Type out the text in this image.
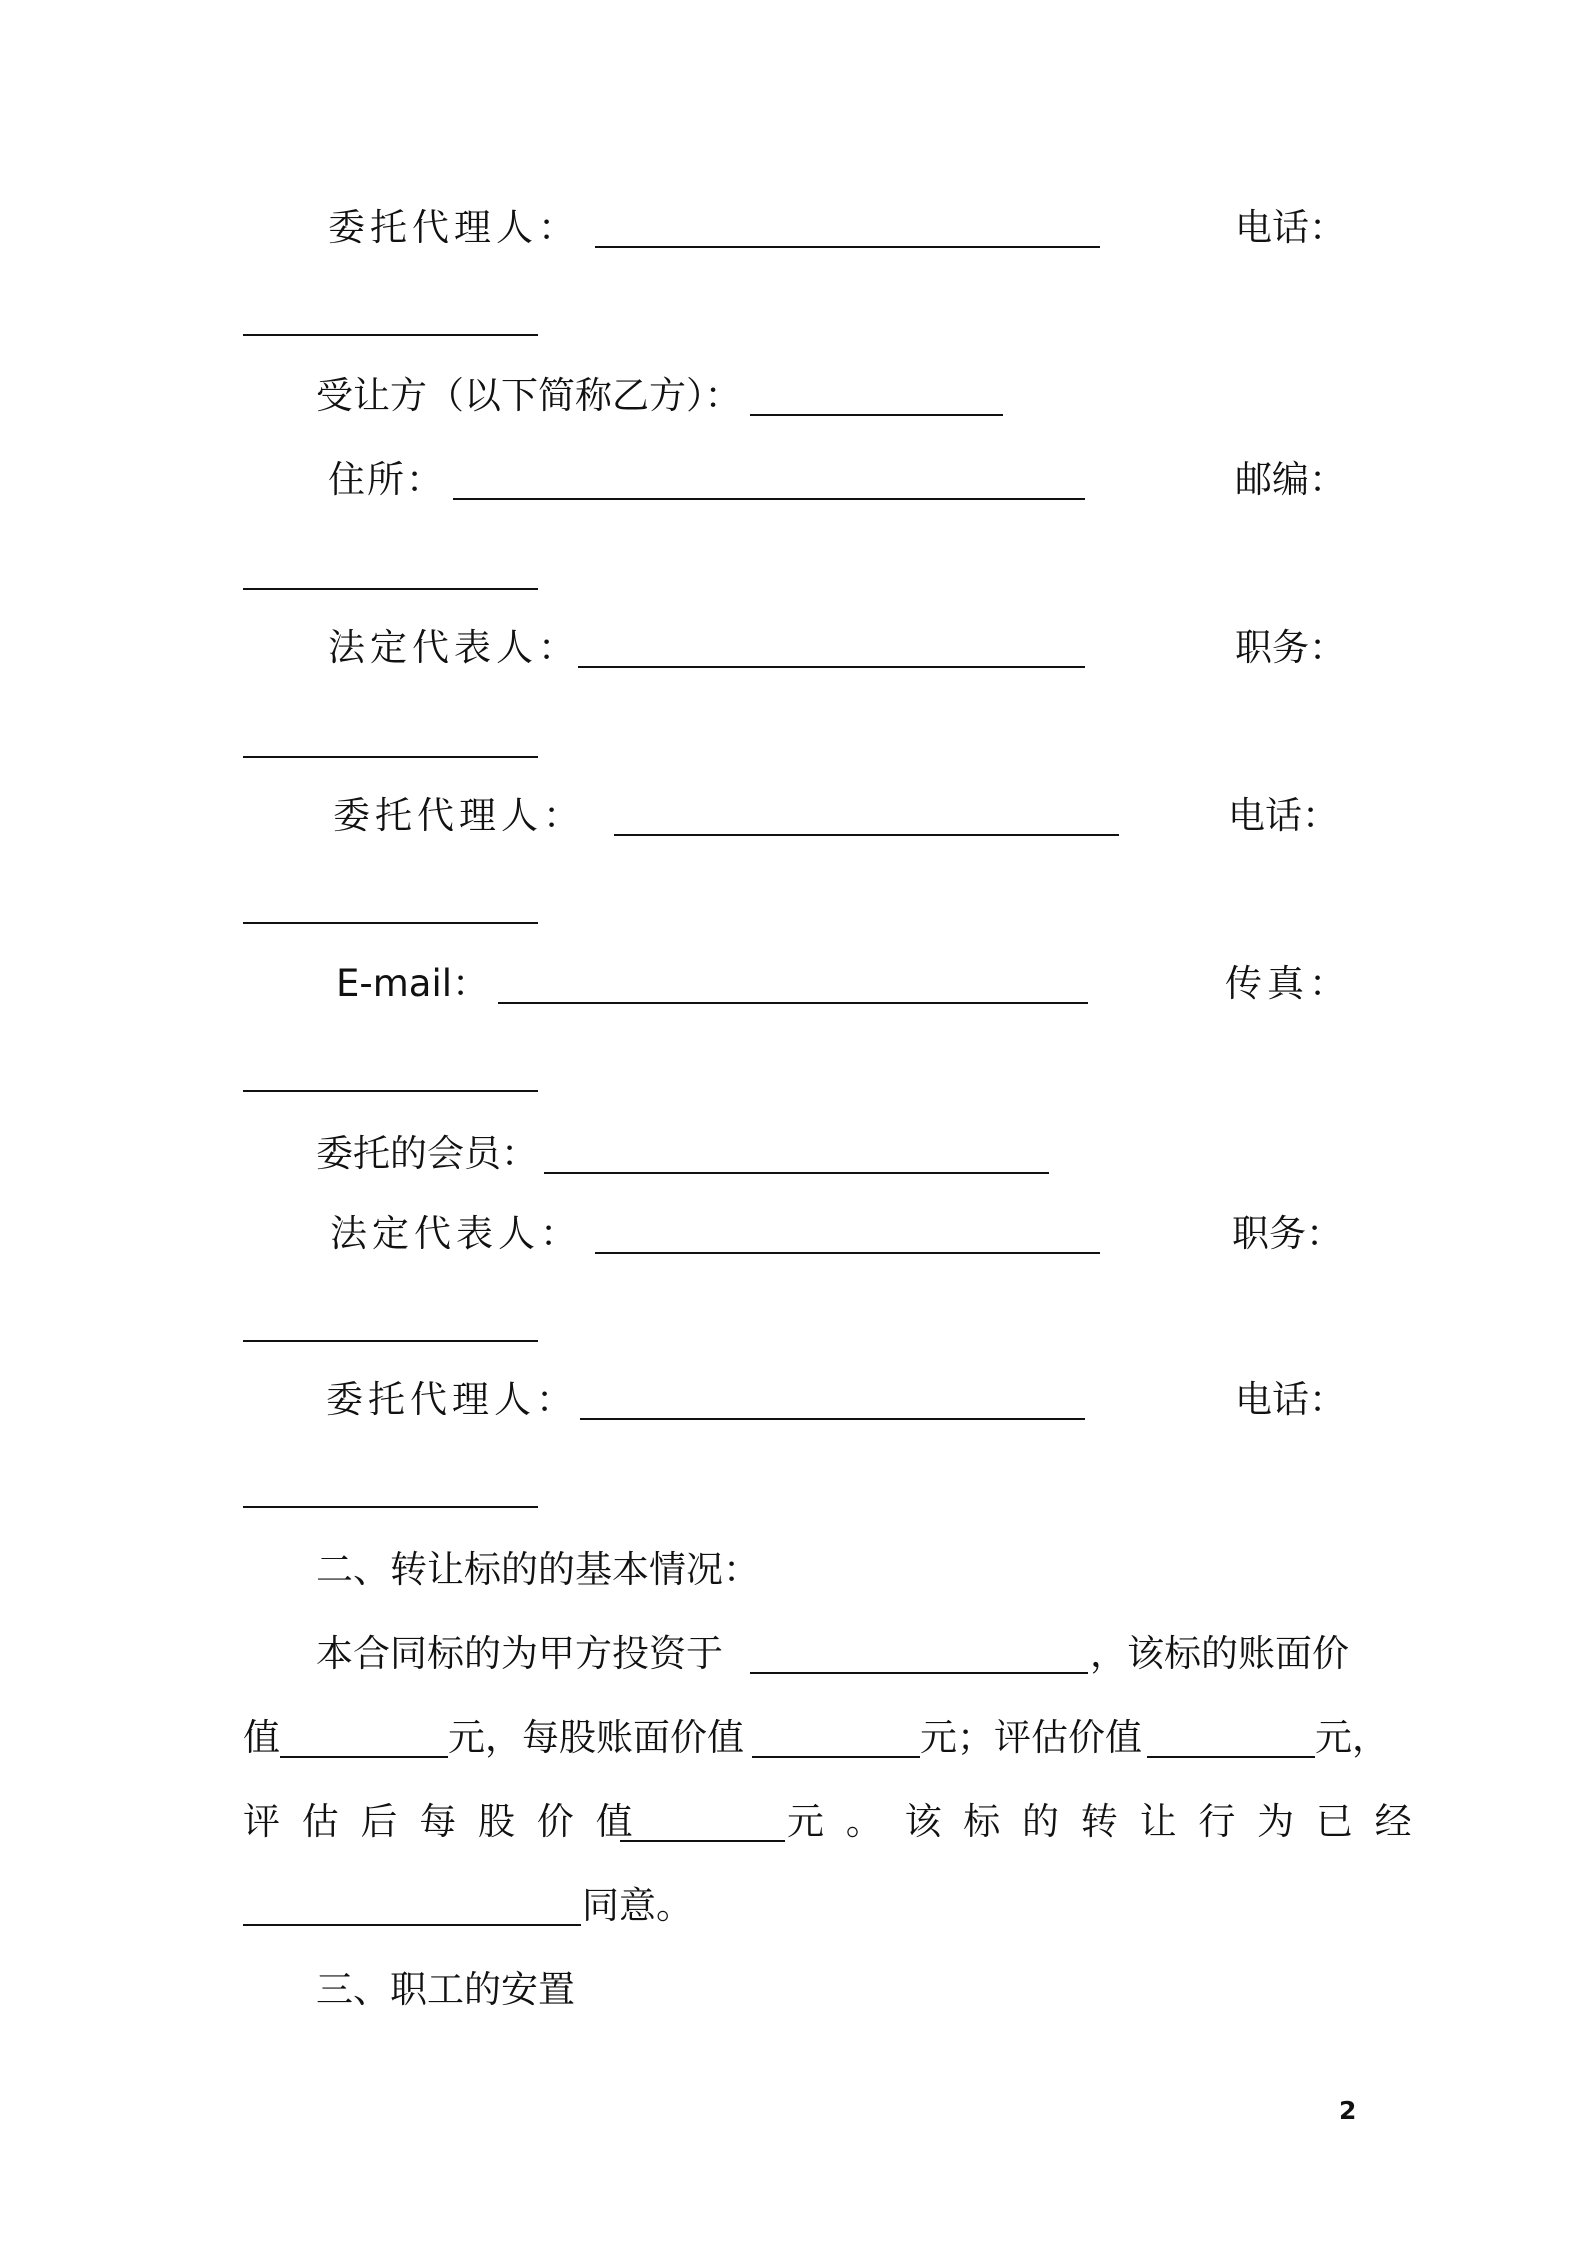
委托代理人：	电话：
受让方（以下简称乙方）：
住所：	邮编：
法定代表人：	职务：
委托代理人：	电话：
E-mail：	传真：
委托的会员：
法定代表人：	职务：
委托代理人：	电话：
二、转让标的的基本情况：
本合同标的为甲方投资于	，该标的账面价
值	元，每股账面价值	元；评估价值	元，
评 估 后 每 股 价 值	元 。 该 标 的 转 让 行 为 已 经
同意。
三、职工的安置
2
